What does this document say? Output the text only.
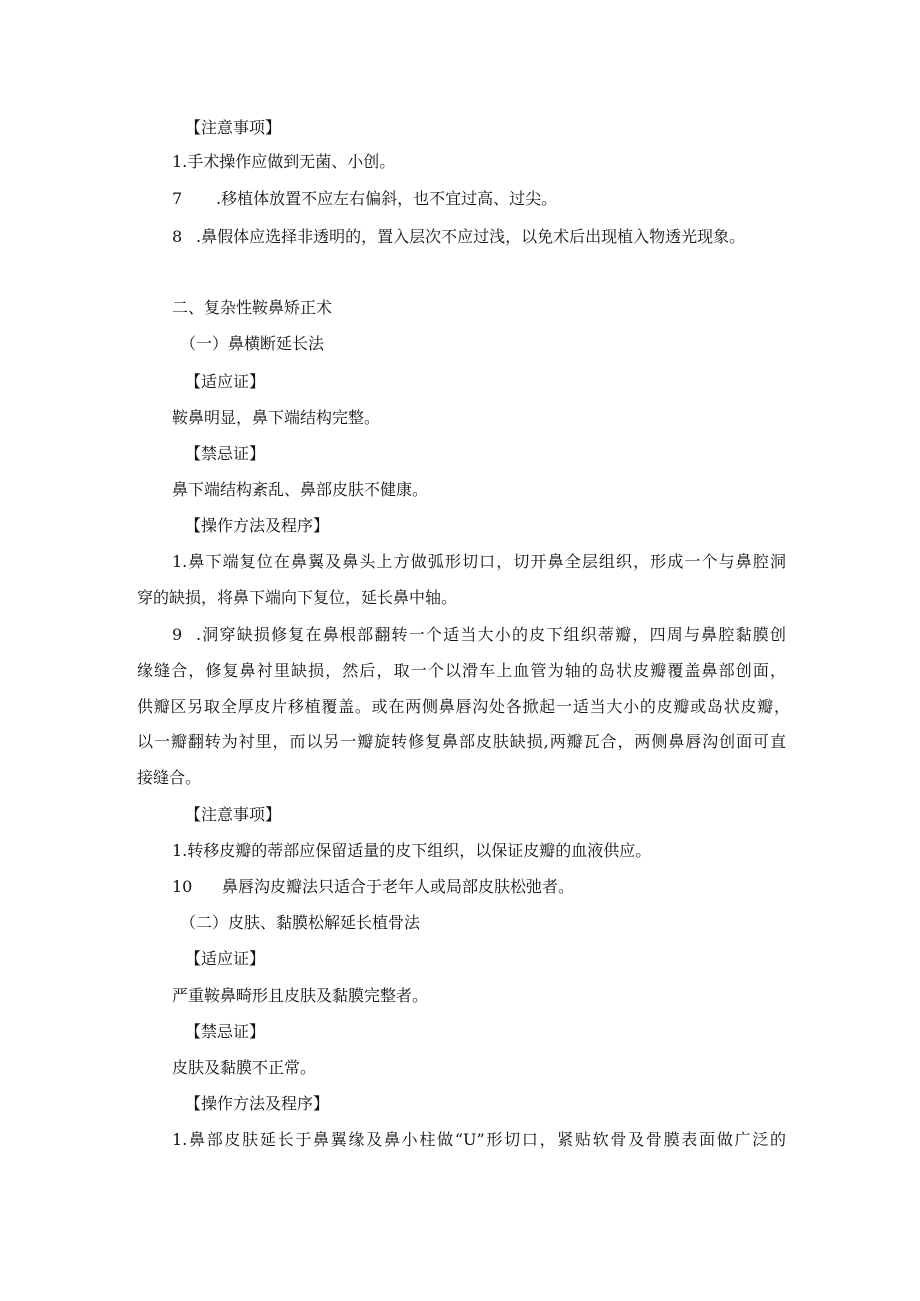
【注意事项】
1.手术操作应做到无菌、小创。
7 .移植体放置不应左右偏斜，也不宜过高、过尖。
8 .鼻假体应选择非透明的，置入层次不应过浅，以免术后出现植入物透光现象。
二、复杂性鞍鼻矫正术
（一）鼻横断延长法
【适应证】
鞍鼻明显，鼻下端结构完整。
【禁忌证】
鼻下端结构紊乱、鼻部皮肤不健康。
【操作方法及程序】
1.鼻下端复位在鼻翼及鼻头上方做弧形切口，切开鼻全层组织，形成一个与鼻腔洞
穿的缺损，将鼻下端向下复位，延长鼻中轴。
9 .洞穿缺损修复在鼻根部翻转一个适当大小的皮下组织蒂瓣，四周与鼻腔黏膜创
缘缝合，修复鼻衬里缺损，然后，取一个以滑车上血管为轴的岛状皮瓣覆盖鼻部创面，
供瓣区另取全厚皮片移植覆盖。或在两侧鼻唇沟处各掀起一适当大小的皮瓣或岛状皮瓣，
以一瓣翻转为衬里，而以另一瓣旋转修复鼻部皮肤缺损,两瓣瓦合，两侧鼻唇沟创面可直
接缝合。
【注意事项】
1.转移皮瓣的蒂部应保留适量的皮下组织，以保证皮瓣的血液供应。
10 鼻唇沟皮瓣法只适合于老年人或局部皮肤松弛者。
（二）皮肤、黏膜松解延长植骨法
【适应证】
严重鞍鼻畸形且皮肤及黏膜完整者。
【禁忌证】
皮肤及黏膜不正常。
【操作方法及程序】
1.鼻部皮肤延长于鼻翼缘及鼻小柱做“U”形切口，紧贴软骨及骨膜表面做广泛的
